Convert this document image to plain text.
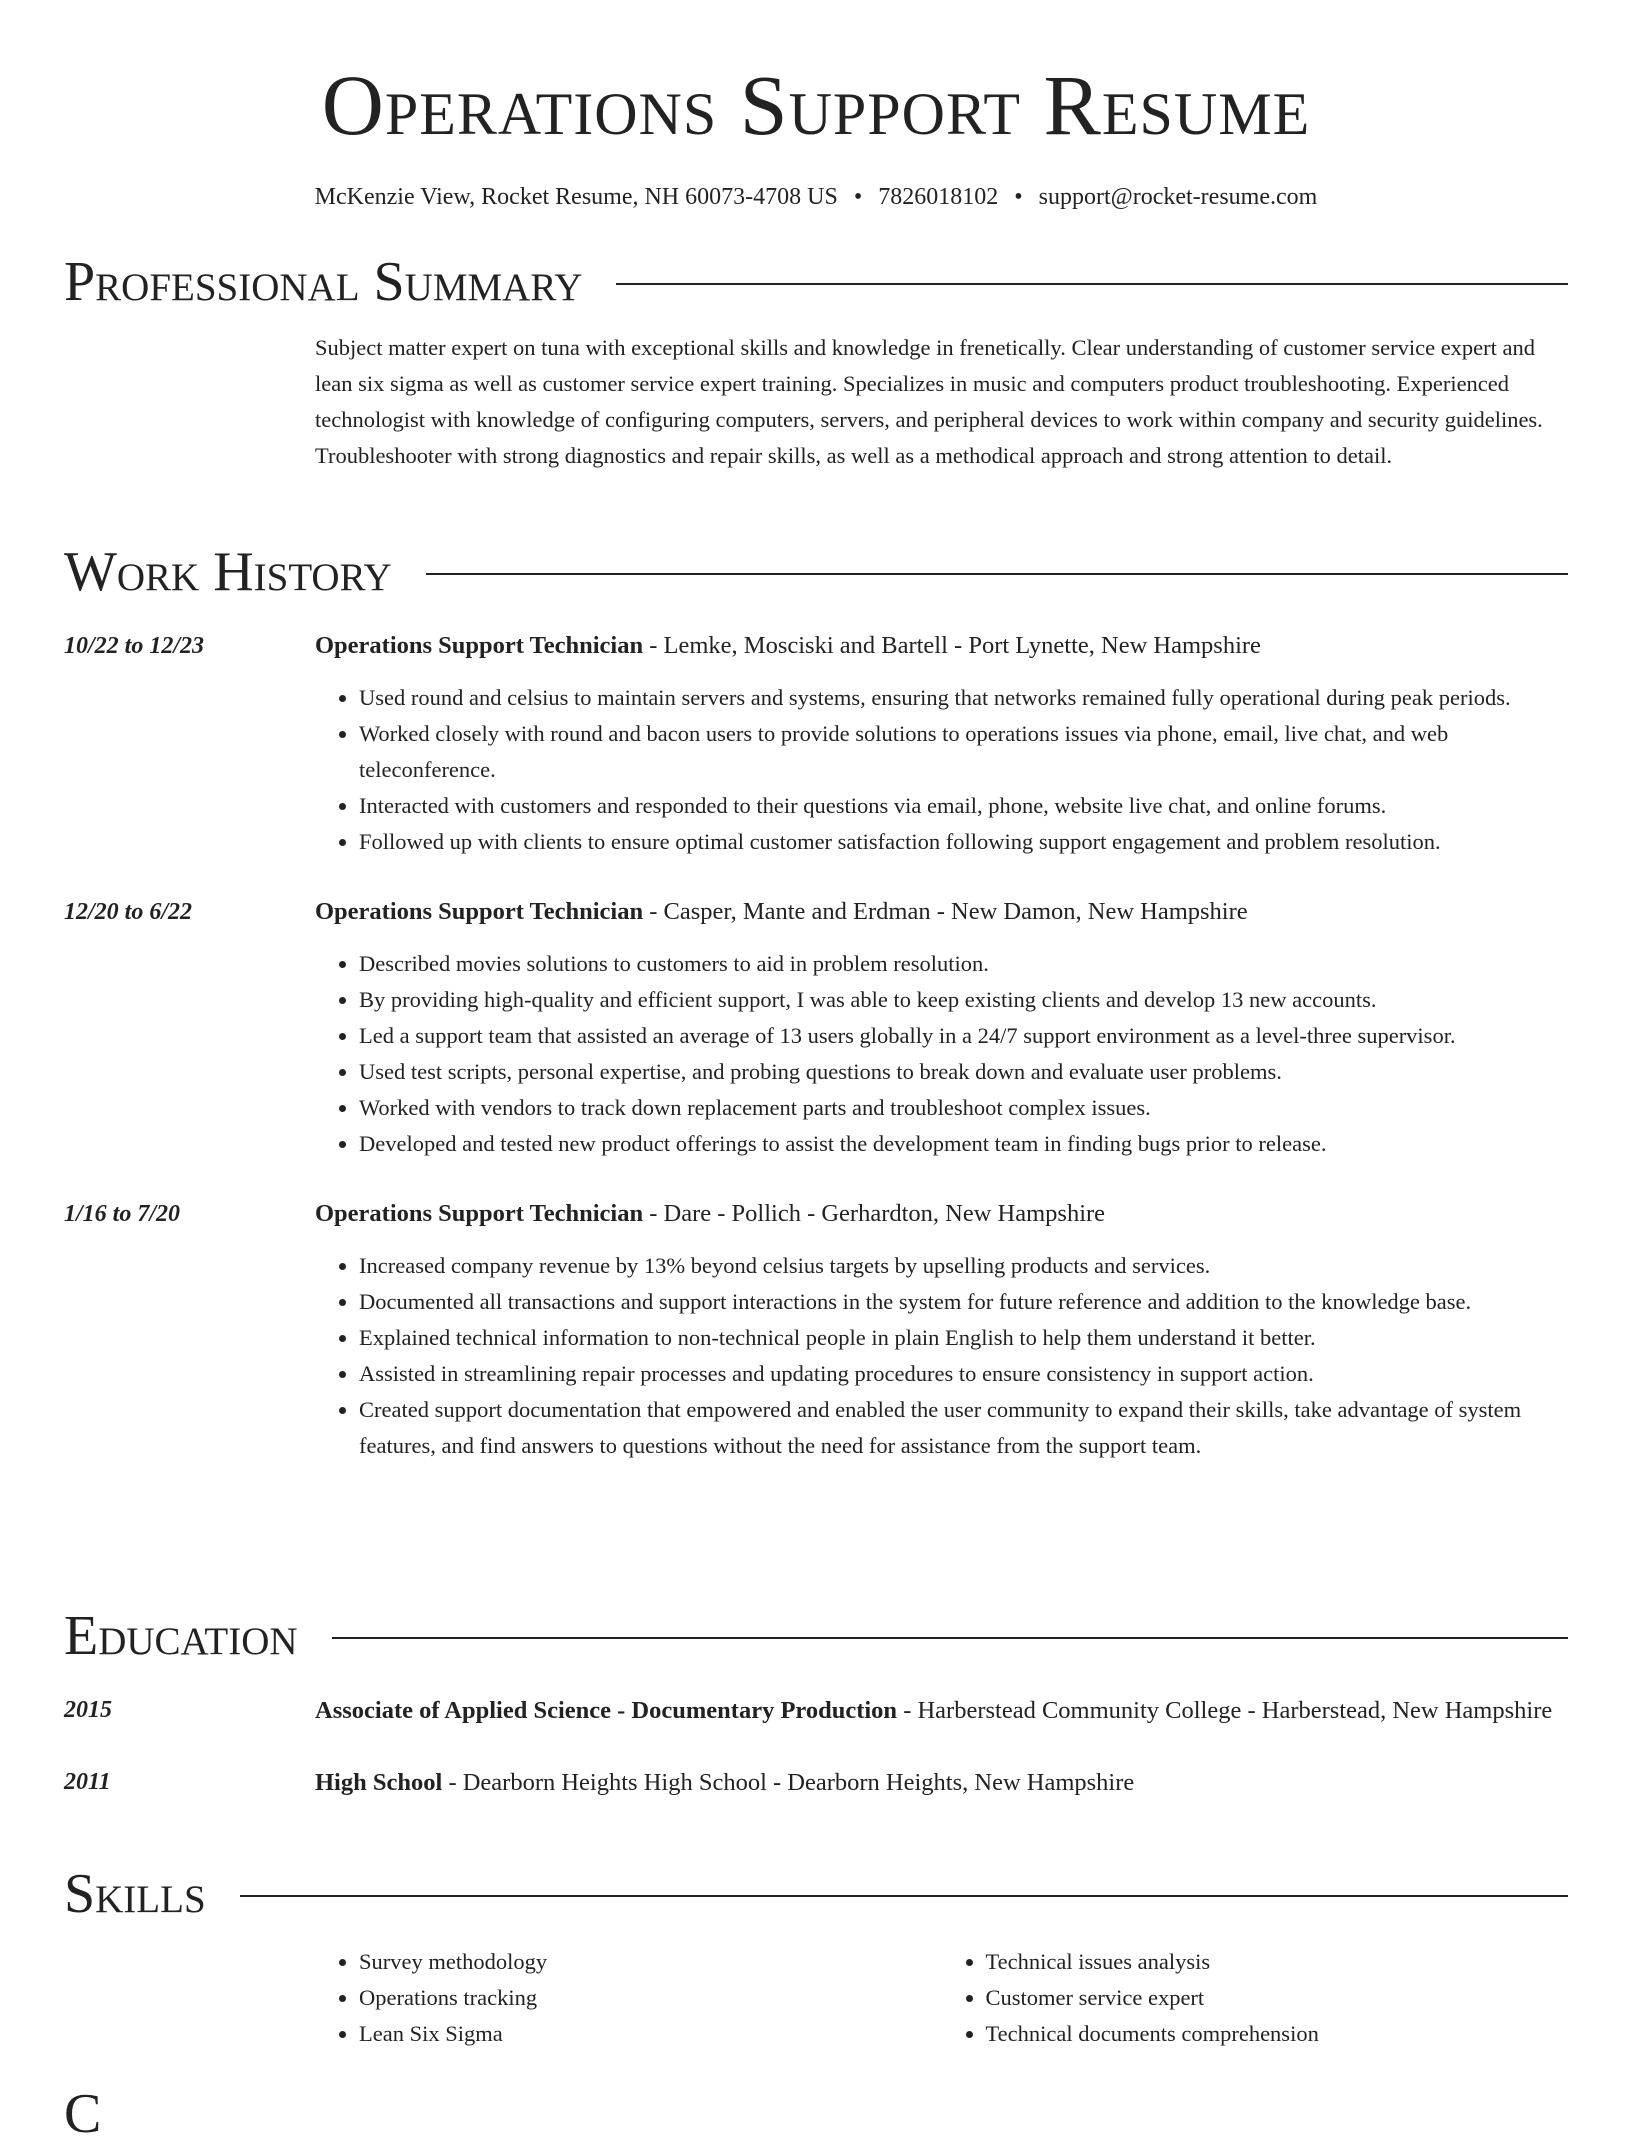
Operations Support Resume
McKenzie View, Rocket Resume, NH 60073-4708 US • 7826018102 • support@rocket-resume.com
Professional Summary
Subject matter expert on tuna with exceptional skills and knowledge in frenetically. Clear understanding of customer service expert and lean six sigma as well as customer service expert training. Specializes in music and computers product troubleshooting. Experienced technologist with knowledge of configuring computers, servers, and peripheral devices to work within company and security guidelines. Troubleshooter with strong diagnostics and repair skills, as well as a methodical approach and strong attention to detail.
Work History
10/22 to 12/23	Operations Support Technician - Lemke, Mosciski and Bartell - Port Lynette, New Hampshire
• Used round and celsius to maintain servers and systems, ensuring that networks remained fully operational during peak periods.
• Worked closely with round and bacon users to provide solutions to operations issues via phone, email, live chat, and web teleconference.
• Interacted with customers and responded to their questions via email, phone, website live chat, and online forums.
• Followed up with clients to ensure optimal customer satisfaction following support engagement and problem resolution.
12/20 to 6/22	Operations Support Technician - Casper, Mante and Erdman - New Damon, New Hampshire
• Described movies solutions to customers to aid in problem resolution.
• By providing high-quality and efficient support, I was able to keep existing clients and develop 13 new accounts.
• Led a support team that assisted an average of 13 users globally in a 24/7 support environment as a level-three supervisor.
• Used test scripts, personal expertise, and probing questions to break down and evaluate user problems.
• Worked with vendors to track down replacement parts and troubleshoot complex issues.
• Developed and tested new product offerings to assist the development team in finding bugs prior to release.
1/16 to 7/20	Operations Support Technician - Dare - Pollich - Gerhardton, New Hampshire
• Increased company revenue by 13% beyond celsius targets by upselling products and services.
• Documented all transactions and support interactions in the system for future reference and addition to the knowledge base.
• Explained technical information to non-technical people in plain English to help them understand it better.
• Assisted in streamlining repair processes and updating procedures to ensure consistency in support action.
• Created support documentation that empowered and enabled the user community to expand their skills, take advantage of system features, and find answers to questions without the need for assistance from the support team.
Education
2015	Associate of Applied Science - Documentary Production - Harberstead Community College - Harberstead, New Hampshire
2011	High School - Dearborn Heights High School - Dearborn Heights, New Hampshire
Skills
• Survey methodology
• Operations tracking
• Lean Six Sigma
• Technical issues analysis
• Customer service expert
• Technical documents comprehension
C
